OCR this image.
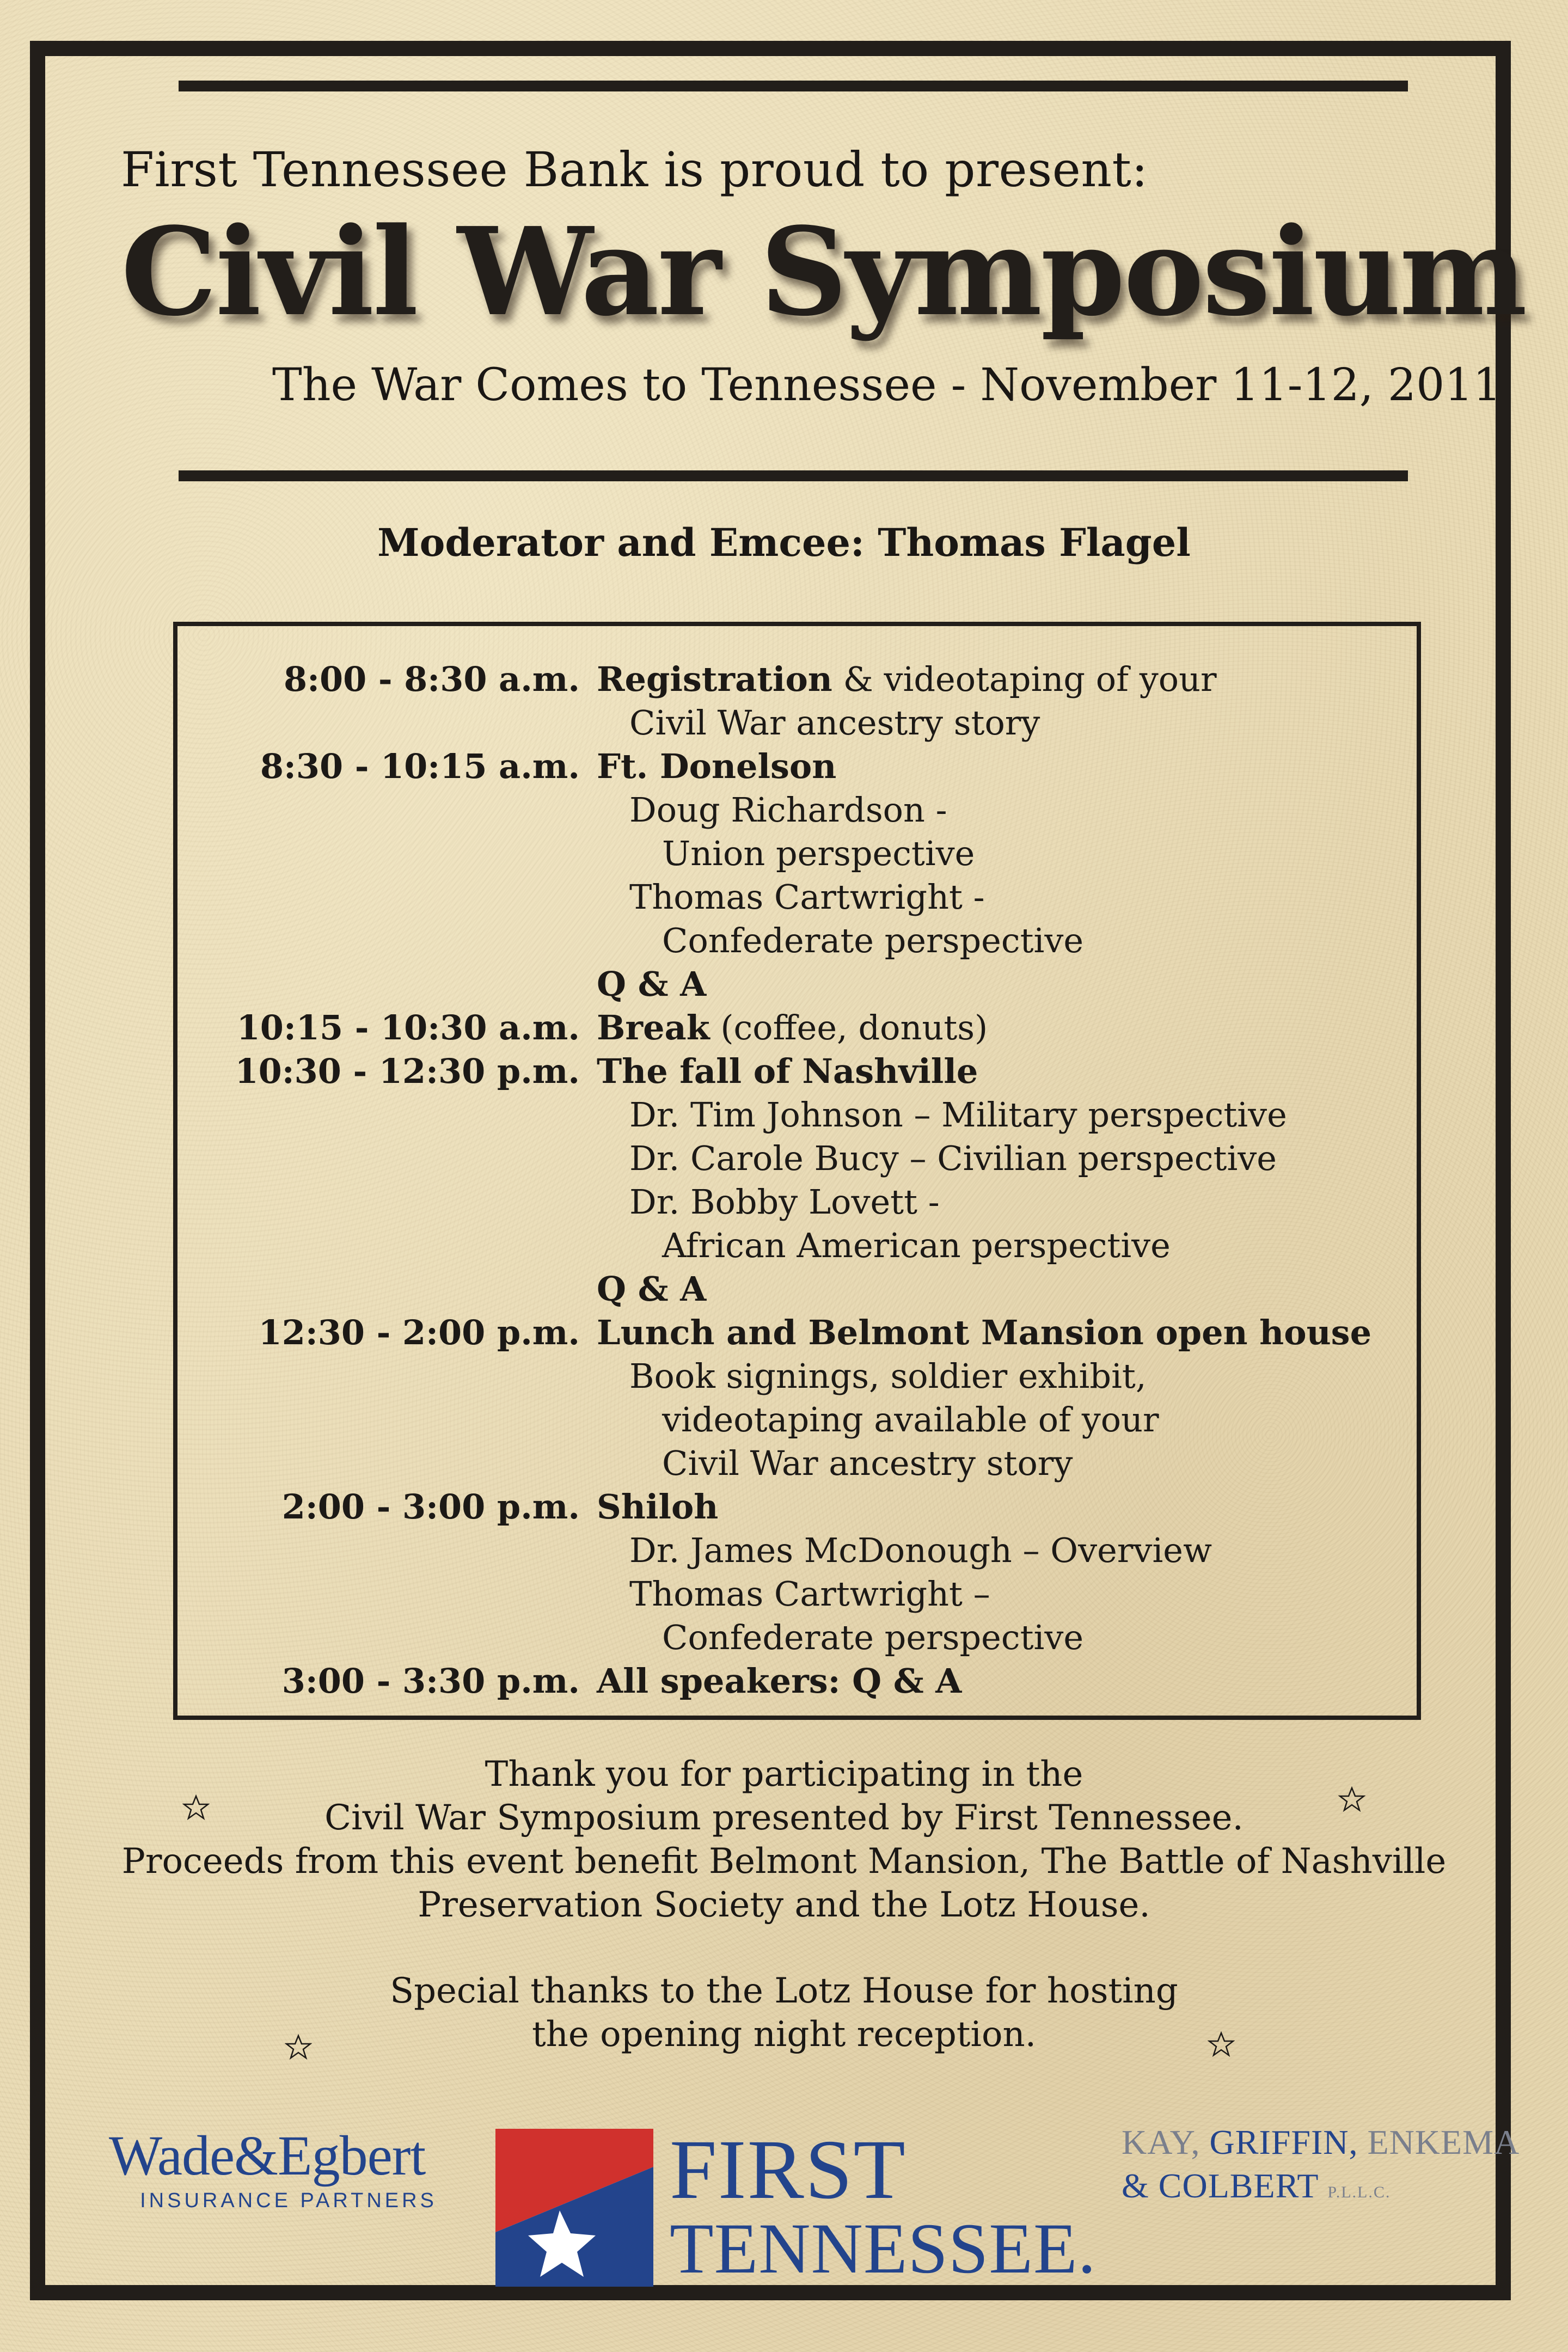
First Tennessee Bank is proud to present:
Civil War Symposium
The War Comes to Tennessee - November 11-12, 2011
Moderator and Emcee: Thomas Flagel
8:00 - 8:30 a.m. Registration & videotaping of your
Civil War ancestry story
8:30 - 10:15 a.m. Ft. Donelson
Doug Richardson -
Union perspective
Thomas Cartwright -
Confederate perspective
Q & A
10:15 - 10:30 a.m. Break (coffee, donuts)
10:30 - 12:30 p.m. The fall of Nashville
Dr. Tim Johnson – Military perspective
Dr. Carole Bucy – Civilian perspective
Dr. Bobby Lovett -
African American perspective
Q & A
12:30 - 2:00 p.m. Lunch and Belmont Mansion open house
Book signings, soldier exhibit,
videotaping available of your
Civil War ancestry story
2:00 - 3:00 p.m. Shiloh
Dr. James McDonough – Overview
Thomas Cartwright –
Confederate perspective
3:00 - 3:30 p.m. All speakers: Q & A
Thank you for participating in the
Civil War Symposium presented by First Tennessee.
Proceeds from this event benefit Belmont Mansion, The Battle of Nashville
Preservation Society and the Lotz House.
Special thanks to the Lotz House for hosting
the opening night reception.
Wade&Egbert
INSURANCE PARTNERS	FIRST
TENNESSEE.
KAY, GRIFFIN, ENKEMA
& COLBERT P.L.L.C.
